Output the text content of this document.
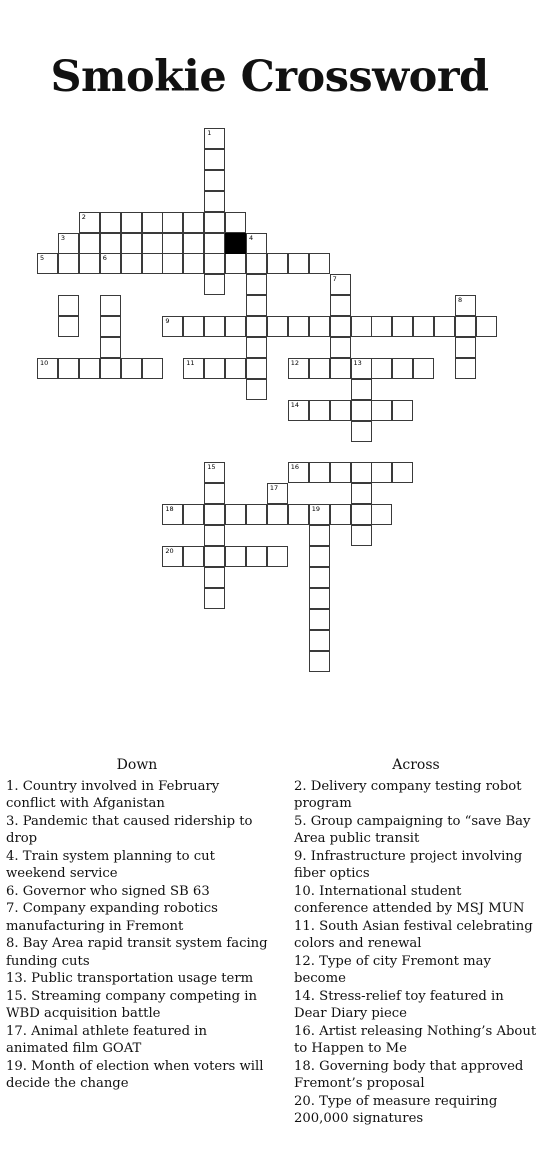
Smokie Crossword
1
2
3	4
5	6
7
8
9
10	11	12	13
14
15	16
17
18	19
20
Down

1. Country involved in February conflict with Afganistan

3. Pandemic that caused ridership to drop

4. Train system planning to cut weekend service

6. Governor who signed SB 63

7. Company expanding robotics manufacturing in Fremont

8. Bay Area rapid transit system facing funding cuts

13. Public transportation usage term

15. Streaming company competing in WBD acquisition battle

17. Animal athlete featured in animated film GOAT

19. Month of election when voters will decide the change

Across

2. Delivery company testing robot program

5. Group campaigning to “save Bay Area public transit

9. Infrastructure project involving fiber optics

10. International student conference attended by MSJ MUN

11. South Asian festival celebrating colors and renewal

12. Type of city Fremont may become

14. Stress-relief toy featured in Dear Diary piece

16. Artist releasing Nothing’s About to Happen to Me

18. Governing body that approved Fremont’s proposal

20. Type of measure requiring 200,000 signatures
